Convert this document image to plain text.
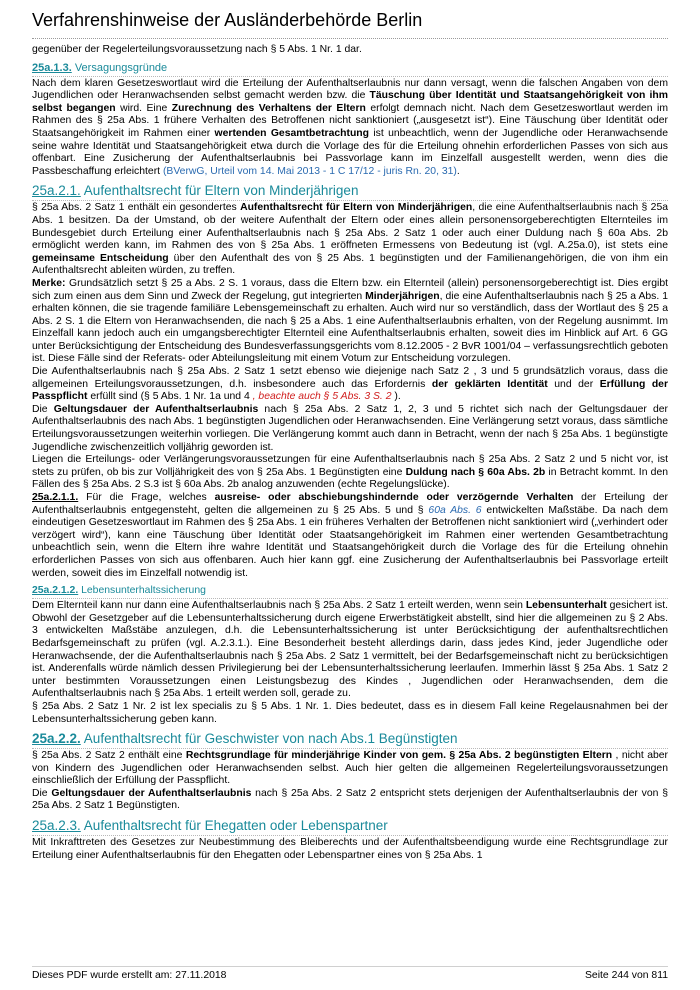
Verfahrenshinweise der Ausländerbehörde Berlin

gegenüber der Regelerteilungsvoraussetzung nach § 5 Abs. 1 Nr. 1 dar.

25a.1.3. Versagungsgründe

Nach dem klaren Gesetzeswortlaut wird die Erteilung der Aufenthaltserlaubnis nur dann versagt, wenn die falschen Angaben von dem Jugendlichen oder Heranwachsenden selbst gemacht werden bzw. die Täuschung über Identität und Staatsangehörigkeit von ihm selbst begangen wird. Eine Zurechnung des Verhaltens der Eltern erfolgt demnach nicht. Nach dem Gesetzeswortlaut werden im Rahmen des § 25a Abs. 1 frühere Verhalten des Betroffenen nicht sanktioniert („ausgesetzt ist“). Eine Täuschung über Identität oder Staatsangehörigkeit im Rahmen einer wertenden Gesamtbetrachtung ist unbeachtlich, wenn der Jugendliche oder Heranwachsende seine wahre Identität und Staatsangehörigkeit etwa durch die Vorlage des für die Erteilung ohnehin erforderlichen Passes von sich aus offenbart. Eine Zusicherung der Aufenthaltserlaubnis bei Passvorlage kann im Einzelfall ausgestellt werden, wenn dies die Passbeschaffung erleichtert (BVerwG, Urteil vom 14. Mai 2013 - 1 C 17/12 - juris Rn. 20, 31).

25a.2.1. Aufenthaltsrecht für Eltern von Minderjährigen

§ 25a Abs. 2 Satz 1 enthält ein gesondertes Aufenthaltsrecht für Eltern von Minderjährigen, die eine Aufenthaltserlaubnis nach § 25a Abs. 1 besitzen. Da der Umstand, ob der weitere Aufenthalt der Eltern oder eines allein personensorgeberechtigten Elternteiles im Bundesgebiet durch Erteilung einer Aufenthaltserlaubnis nach § 25a Abs. 2 Satz 1 oder auch einer Duldung nach § 60a Abs. 2b ermöglicht werden kann, im Rahmen des von § 25a Abs. 1 eröffneten Ermessens von Bedeutung ist (vgl. A.25a.0), ist stets eine gemeinsame Entscheidung über den Aufenthalt des von § 25 Abs. 1 begünstigten und der Familienangehörigen, die von ihm ein Aufenthaltsrecht ableiten würden, zu treffen.

Merke: Grundsätzlich setzt § 25 a Abs. 2 S. 1 voraus, dass die Eltern bzw. ein Elternteil (allein) personensorgeberechtigt ist. Dies ergibt sich zum einen aus dem Sinn und Zweck der Regelung, gut integrierten Minderjährigen, die eine Aufenthaltserlaubnis nach § 25 a Abs. 1 erhalten können, die sie tragende familiäre Lebensgemeinschaft zu erhalten. Auch wird nur so verständlich, dass der Wortlaut des § 25 a Abs. 2 S. 1 die Eltern von Heranwachsenden, die nach § 25 a Abs. 1 eine Aufenthaltserlaubnis erhalten, von der Regelung ausnimmt. Im Einzelfall kann jedoch auch ein umgangsberechtigter Elternteil eine Aufenthaltserlaubnis erhalten, soweit dies im Hinblick auf Art. 6 GG unter Berücksichtigung der Entscheidung des Bundesverfassungsgerichts vom 8.12.2005 - 2 BvR 1001/04 – verfassungsrechtlich geboten ist. Diese Fälle sind der Referats- oder Abteilungsleitung mit einem Votum zur Entscheidung vorzulegen.

Die Aufenthaltserlaubnis nach § 25a Abs. 2 Satz 1 setzt ebenso wie diejenige nach Satz 2 , 3 und 5 grundsätzlich voraus, dass die allgemeinen Erteilungsvoraussetzungen, d.h. insbesondere auch das Erfordernis der geklärten Identität und der Erfüllung der Passpflicht erfüllt sind (§ 5 Abs. 1 Nr. 1a und 4 , beachte auch § 5 Abs. 3 S. 2 ).

Die Geltungsdauer der Aufenthaltserlaubnis nach § 25a Abs. 2 Satz 1, 2, 3 und 5 richtet sich nach der Geltungsdauer der Aufenthaltserlaubnis des nach Abs. 1 begünstigten Jugendlichen oder Heranwachsenden. Eine Verlängerung setzt voraus, dass sämtliche Erteilungsvoraussetzungen weiterhin vorliegen. Die Verlängerung kommt auch dann in Betracht, wenn der nach § 25a Abs. 1 begünstigte Jugendliche zwischenzeitlich volljährig geworden ist.

Liegen die Erteilungs- oder Verlängerungsvoraussetzungen für eine Aufenthaltserlaubnis nach § 25a Abs. 2 Satz 2 und 5 nicht vor, ist stets zu prüfen, ob bis zur Volljährigkeit des von § 25a Abs. 1 Begünstigten eine Duldung nach § 60a Abs. 2b in Betracht kommt. In den Fällen des § 25a Abs. 2 S.3 ist § 60a Abs. 2b analog anzuwenden (echte Regelungslücke).

25a.2.1.1. Für die Frage, welches ausreise- oder abschiebungshindernde oder verzögernde Verhalten der Erteilung der Aufenthaltserlaubnis entgegensteht, gelten die allgemeinen zu § 25 Abs. 5 und § 60a Abs. 6 entwickelten Maßstäbe. Da nach dem eindeutigen Gesetzeswortlaut im Rahmen des § 25a Abs. 1 ein früheres Verhalten der Betroffenen nicht sanktioniert wird („verhindert oder verzögert wird“), kann eine Täuschung über Identität oder Staatsangehörigkeit im Rahmen einer wertenden Gesamtbetrachtung unbeachtlich sein, wenn die Eltern ihre wahre Identität und Staatsangehörigkeit durch die Vorlage des für die Erteilung ohnehin erforderlichen Passes von sich aus offenbaren. Auch hier kann ggf. eine Zusicherung der Aufenthaltserlaubnis bei Passvorlage erteilt werden, soweit dies im Einzelfall notwendig ist.

25a.2.1.2. Lebensunterhaltssicherung

Dem Elternteil kann nur dann eine Aufenthaltserlaubnis nach § 25a Abs. 2 Satz 1 erteilt werden, wenn sein Lebensunterhalt gesichert ist. Obwohl der Gesetzgeber auf die Lebensunterhaltssicherung durch eigene Erwerbstätigkeit abstellt, sind hier die allgemeinen zu § 2 Abs. 3 entwickelten Maßstäbe anzulegen, d.h. die Lebensunterhaltssicherung ist unter Berücksichtigung der aufenthaltsrechtlichen Bedarfsgemeinschaft zu prüfen (vgl. A.2.3.1.). Eine Besonderheit besteht allerdings darin, dass jedes Kind, jeder Jugendliche oder Heranwachsende, der die Aufenthaltserlaubnis nach § 25a Abs. 2 Satz 1 vermittelt, bei der Bedarfsgemeinschaft nicht zu berücksichtigen ist. Anderenfalls würde nämlich dessen Privilegierung bei der Lebensunterhaltssicherung leerlaufen. Immerhin lässt § 25a Abs. 1 Satz 2 unter bestimmten Voraussetzungen einen Leistungsbezug des Kindes , Jugendlichen oder Heranwachsenden, dem die Aufenthaltserlaubnis nach § 25a Abs. 1 erteilt werden soll, gerade zu.

§ 25a Abs. 2 Satz 1 Nr. 2 ist lex specialis zu § 5 Abs. 1 Nr. 1. Dies bedeutet, dass es in diesem Fall keine Regelausnahmen bei der Lebensunterhaltssicherung geben kann.

25a.2.2. Aufenthaltsrecht für Geschwister von nach Abs.1 Begünstigten

§ 25a Abs. 2 Satz 2 enthält eine Rechtsgrundlage für minderjährige Kinder von gem. § 25a Abs. 2 begünstigten Eltern , nicht aber von Kindern des Jugendlichen oder Heranwachsenden selbst. Auch hier gelten die allgemeinen Regelerteilungsvoraussetzungen einschließlich der Erfüllung der Passpflicht.

Die Geltungsdauer der Aufenthaltserlaubnis nach § 25a Abs. 2 Satz 2 entspricht stets derjenigen der Aufenthaltserlaubnis der von § 25a Abs. 2 Satz 1 Begünstigten.

25a.2.3. Aufenthaltsrecht für Ehegatten oder Lebenspartner

Mit Inkrafttreten des Gesetzes zur Neubestimmung des Bleiberechts und der Aufenthaltsbeendigung wurde eine Rechtsgrundlage zur Erteilung einer Aufenthaltserlaubnis für den Ehegatten oder Lebenspartner eines von § 25a Abs. 1

Dieses PDF wurde erstellt am: 27.11.2018	Seite 244 von 811
